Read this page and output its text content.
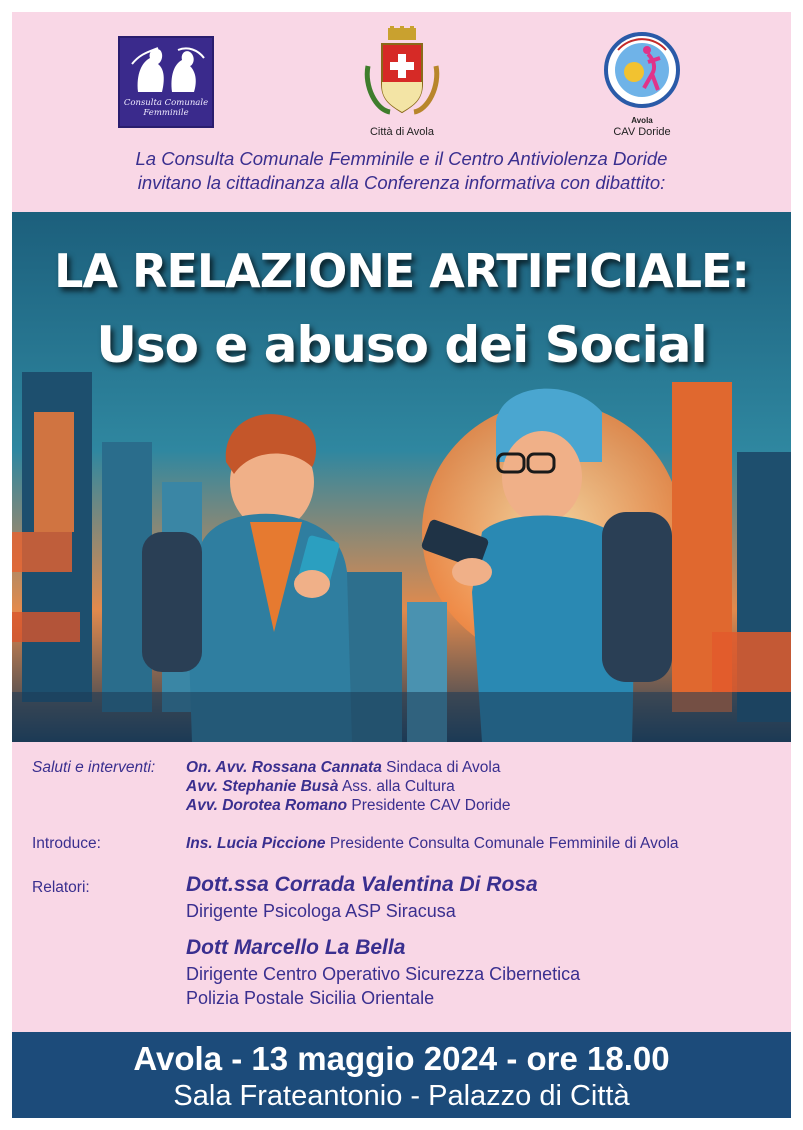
Consulta Comunale Femminile
Città di Avola
Avola
CAV Doride
La Consulta Comunale Femminile e il Centro Antiviolenza Doride
invitano la cittadinanza alla Conferenza informativa con dibattito:
LA RELAZIONE ARTIFICIALE:
Uso e abuso dei Social
Saluti e interventi: On. Avv. Rossana Cannata Sindaca di Avola
Avv. Stephanie Busà Ass. alla Cultura
Avv. Dorotea Romano Presidente CAV Doride
Introduce:	Ins. Lucia Piccione Presidente Consulta Comunale Femminile di Avola
Relatori:	Dott.ssa Corrada Valentina Di Rosa
Dirigente Psicologa ASP Siracusa
Dott Marcello La Bella
Dirigente Centro Operativo Sicurezza Cibernetica
Polizia Postale Sicilia Orientale
Avola - 13 maggio 2024 - ore 18.00
Sala Frateantonio - Palazzo di Città
